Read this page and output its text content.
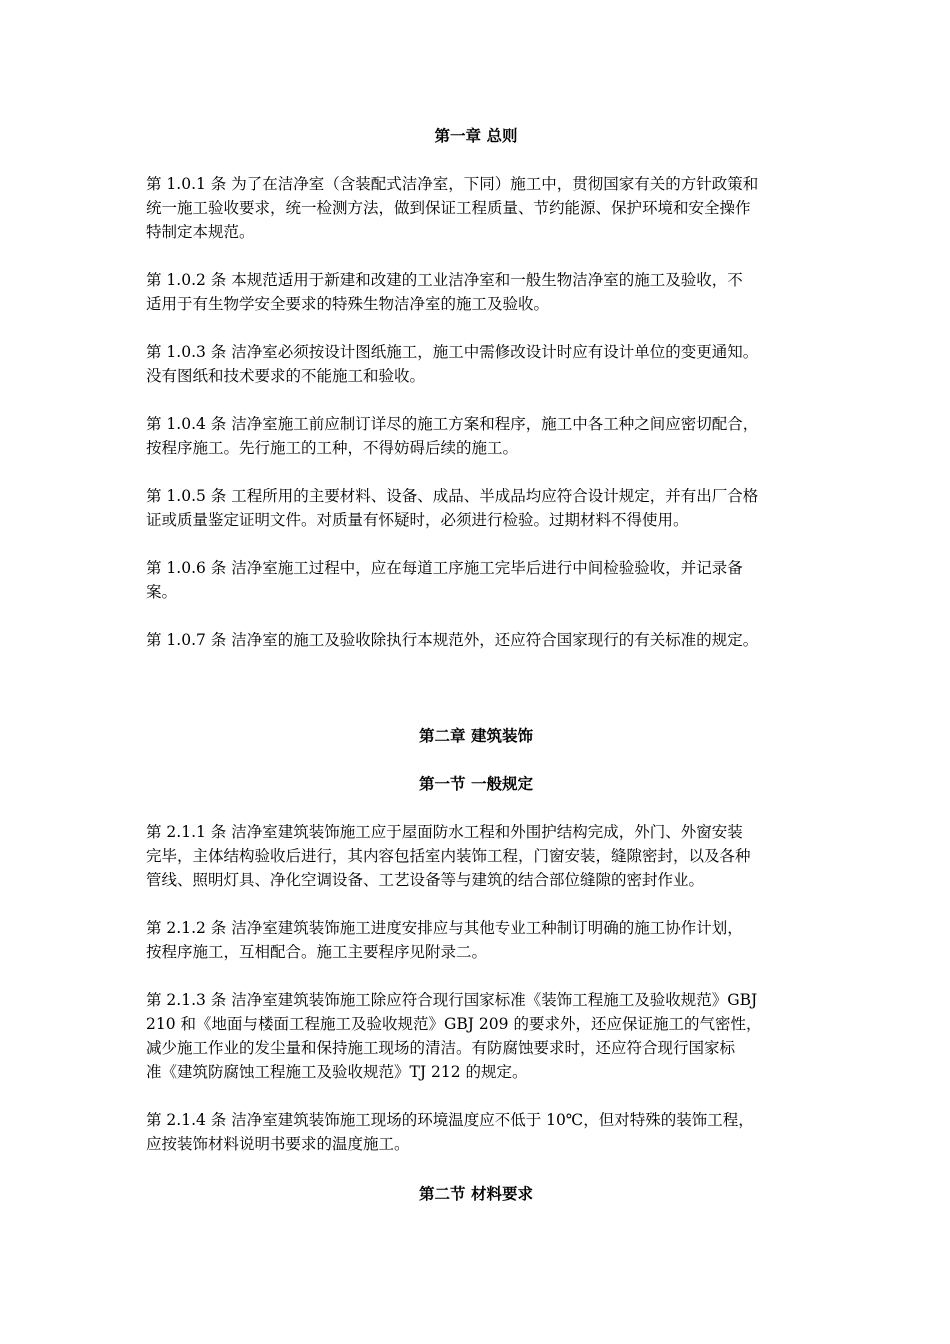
第一章 总则
第 1.0.1 条 为了在洁净室（含装配式洁净室，下同）施工中，贯彻国家有关的方针政策和
统一施工验收要求，统一检测方法，做到保证工程质量、节约能源、保护环境和安全操作
特制定本规范。
第 1.0.2 条 本规范适用于新建和改建的工业洁净室和一般生物洁净室的施工及验收，不
适用于有生物学安全要求的特殊生物洁净室的施工及验收。
第 1.0.3 条 洁净室必须按设计图纸施工，施工中需修改设计时应有设计单位的变更通知。
没有图纸和技术要求的不能施工和验收。
第 1.0.4 条 洁净室施工前应制订详尽的施工方案和程序，施工中各工种之间应密切配合，
按程序施工。先行施工的工种，不得妨碍后续的施工。
第 1.0.5 条 工程所用的主要材料、设备、成品、半成品均应符合设计规定，并有出厂合格
证或质量鉴定证明文件。对质量有怀疑时，必须进行检验。过期材料不得使用。
第 1.0.6 条 洁净室施工过程中，应在每道工序施工完毕后进行中间检验验收，并记录备
案。
第 1.0.7 条 洁净室的施工及验收除执行本规范外，还应符合国家现行的有关标准的规定。
第二章 建筑装饰
第一节 一般规定
第 2.1.1 条 洁净室建筑装饰施工应于屋面防水工程和外围护结构完成，外门、外窗安装
完毕，主体结构验收后进行，其内容包括室内装饰工程，门窗安装，缝隙密封，以及各种
管线、照明灯具、净化空调设备、工艺设备等与建筑的结合部位缝隙的密封作业。
第 2.1.2 条 洁净室建筑装饰施工进度安排应与其他专业工种制订明确的施工协作计划，
按程序施工，互相配合。施工主要程序见附录二。
第 2.1.3 条 洁净室建筑装饰施工除应符合现行国家标准《装饰工程施工及验收规范》GBJ
210 和《地面与楼面工程施工及验收规范》GBJ 209 的要求外，还应保证施工的气密性，
减少施工作业的发尘量和保持施工现场的清洁。有防腐蚀要求时，还应符合现行国家标
准《建筑防腐蚀工程施工及验收规范》TJ 212 的规定。
第 2.1.4 条 洁净室建筑装饰施工现场的环境温度应不低于 10℃，但对特殊的装饰工程，
应按装饰材料说明书要求的温度施工。
第二节 材料要求
